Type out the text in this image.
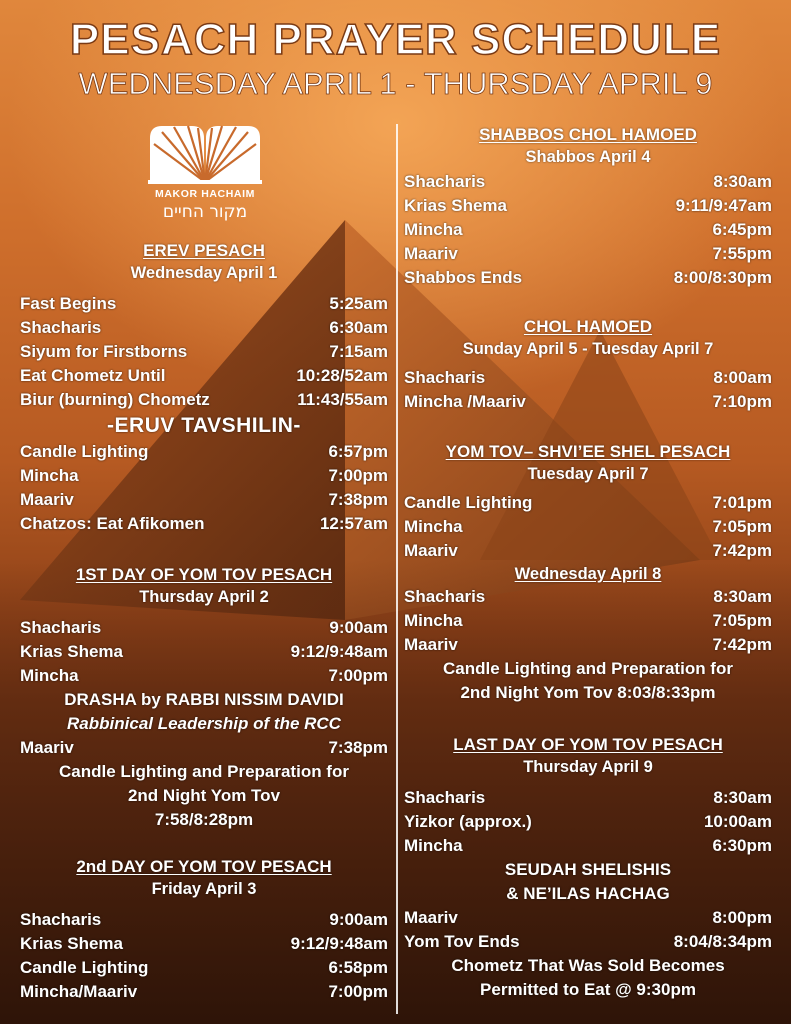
PESACH PRAYER SCHEDULE
WEDNESDAY APRIL 1 - THURSDAY APRIL 9
MAKOR HACHAIM
מקור החיים
EREV PESACH
Wednesday April 1
Fast Begins	5:25am
Shacharis	6:30am
Siyum for Firstborns	7:15am
Eat Chometz Until	10:28/52am
Biur (burning) Chometz	11:43/55am
-ERUV TAVSHILIN-
Candle Lighting	6:57pm
Mincha	7:00pm
Maariv	7:38pm
Chatzos: Eat Afikomen	12:57am
1ST DAY OF YOM TOV PESACH
Thursday April 2
Shacharis	9:00am
Krias Shema	9:12/9:48am
Mincha	7:00pm
DRASHA by RABBI NISSIM DAVIDI
Rabbinical Leadership of the RCC
Maariv	7:38pm
Candle Lighting and Preparation for
2nd Night Yom Tov
7:58/8:28pm
2nd DAY OF YOM TOV PESACH
Friday April 3
Shacharis	9:00am
Krias Shema	9:12/9:48am
Candle Lighting	6:58pm
Mincha/Maariv	7:00pm
SHABBOS CHOL HAMOED
Shabbos April 4
Shacharis	8:30am
Krias Shema	9:11/9:47am
Mincha	6:45pm
Maariv	7:55pm
Shabbos Ends	8:00/8:30pm
CHOL HAMOED
Sunday April 5 - Tuesday April 7
Shacharis	8:00am
Mincha /Maariv	7:10pm
YOM TOV– SHVI’EE SHEL PESACH
Tuesday April 7
Candle Lighting	7:01pm
Mincha	7:05pm
Maariv	7:42pm
Wednesday April 8
Shacharis	8:30am
Mincha	7:05pm
Maariv	7:42pm
Candle Lighting and Preparation for
2nd Night Yom Tov 8:03/8:33pm
LAST DAY OF YOM TOV PESACH
Thursday April 9
Shacharis	8:30am
Yizkor (approx.)	10:00am
Mincha	6:30pm
SEUDAH SHELISHIS
& NE’ILAS HACHAG
Maariv	8:00pm
Yom Tov Ends	8:04/8:34pm
Chometz That Was Sold Becomes
Permitted to Eat @ 9:30pm
